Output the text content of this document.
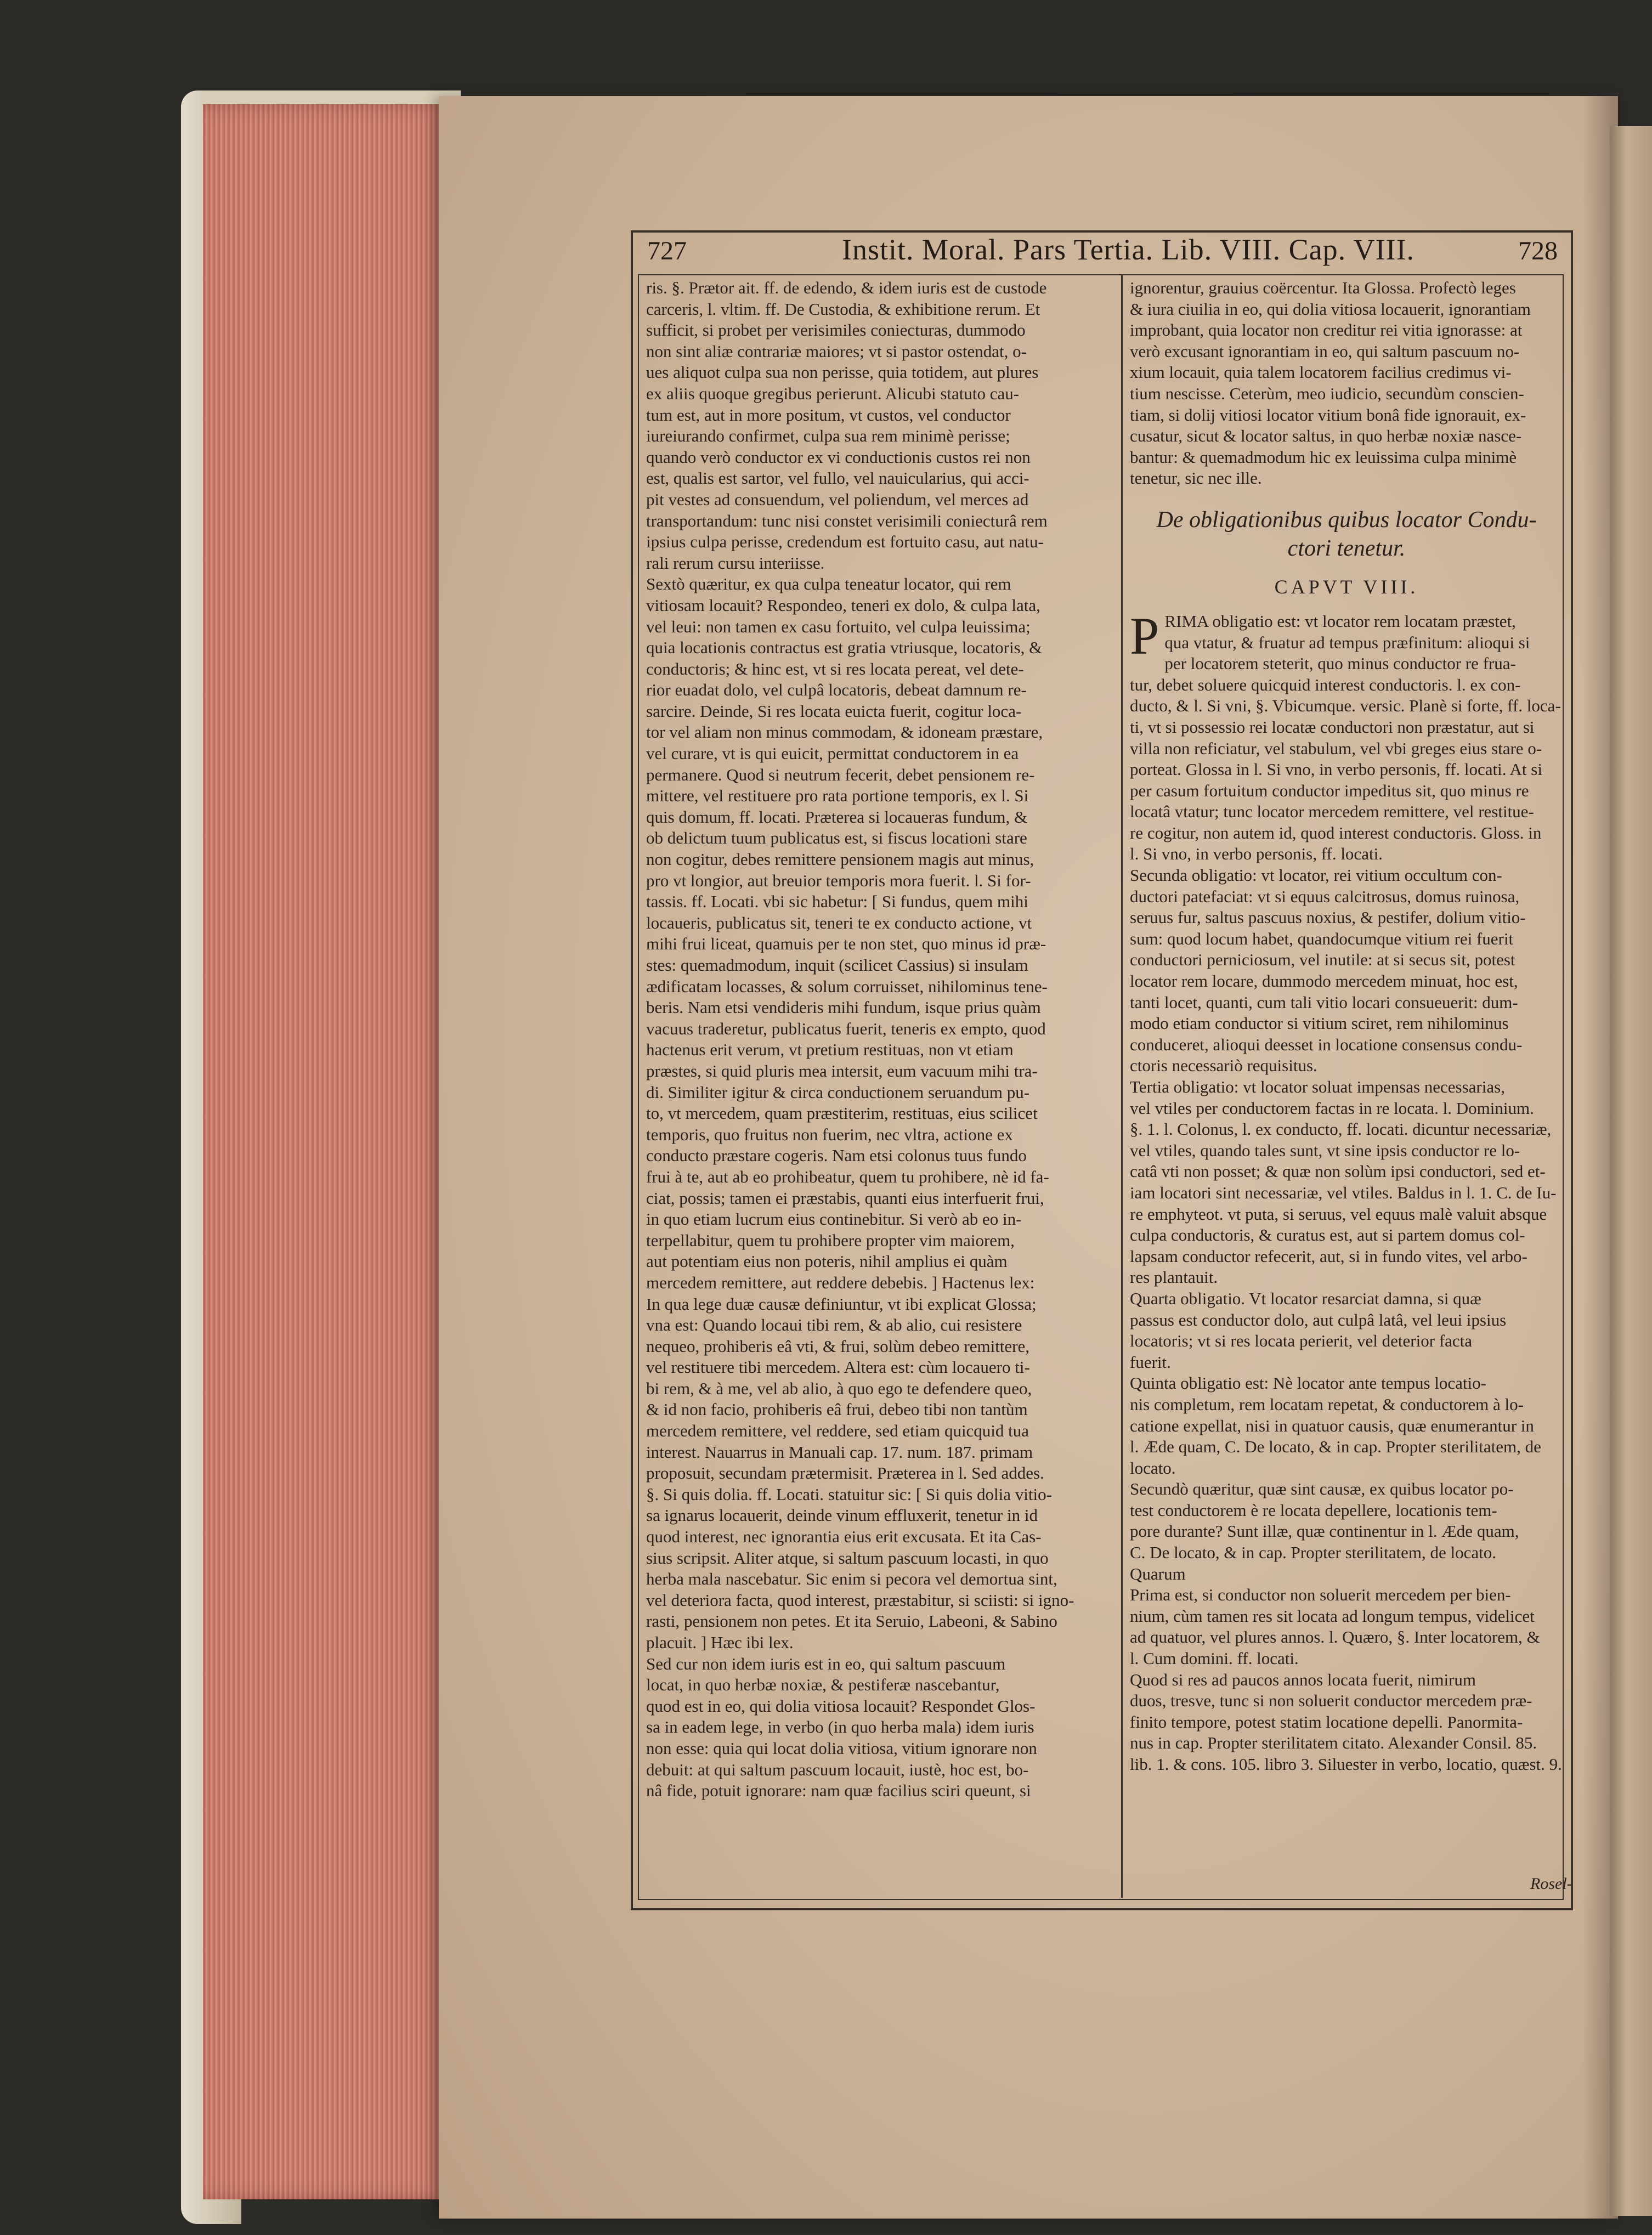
727	Instit. Moral. Pars Tertia. Lib. VIII. Cap. VIII.	728

ris. §. Prætor ait. ff. de edendo, & idem iuris est de custode

carceris, l. vltim. ff. De Custodia, & exhibitione rerum. Et

sufficit, si probet per verisimiles coniecturas, dummodo

non sint aliæ contrariæ maiores; vt si pastor ostendat, o-

ues aliquot culpa sua non perisse, quia totidem, aut plures

ex aliis quoque gregibus perierunt. Alicubi statuto cau-

tum est, aut in more positum, vt custos, vel conductor

iureiurando confirmet, culpa sua rem minimè perisse;

quando verò conductor ex vi conductionis custos rei non

est, qualis est sartor, vel fullo, vel nauicularius, qui acci-

pit vestes ad consuendum, vel poliendum, vel merces ad

transportandum: tunc nisi constet verisimili coniecturâ rem

ipsius culpa perisse, credendum est fortuito casu, aut natu-

rali rerum cursu interiisse.

Sextò quæritur, ex qua culpa teneatur locator, qui rem

vitiosam locauit? Respondeo, teneri ex dolo, & culpa lata,

vel leui: non tamen ex casu fortuito, vel culpa leuissima;

quia locationis contractus est gratia vtriusque, locatoris, &

conductoris; & hinc est, vt si res locata pereat, vel dete-

rior euadat dolo, vel culpâ locatoris, debeat damnum re-

sarcire. Deinde, Si res locata euicta fuerit, cogitur loca-

tor vel aliam non minus commodam, & idoneam præstare,

vel curare, vt is qui euicit, permittat conductorem in ea

permanere. Quod si neutrum fecerit, debet pensionem re-

mittere, vel restituere pro rata portione temporis, ex l. Si

quis domum, ff. locati. Præterea si locaueras fundum, &

ob delictum tuum publicatus est, si fiscus locationi stare

non cogitur, debes remittere pensionem magis aut minus,

pro vt longior, aut breuior temporis mora fuerit. l. Si for-

tassis. ff. Locati. vbi sic habetur: [ Si fundus, quem mihi

locaueris, publicatus sit, teneri te ex conducto actione, vt

mihi frui liceat, quamuis per te non stet, quo minus id præ-

stes: quemadmodum, inquit (scilicet Cassius) si insulam

ædificatam locasses, & solum corruisset, nihilominus tene-

beris. Nam etsi vendideris mihi fundum, isque prius quàm

vacuus traderetur, publicatus fuerit, teneris ex empto, quod

hactenus erit verum, vt pretium restituas, non vt etiam

præstes, si quid pluris mea intersit, eum vacuum mihi tra-

di. Similiter igitur & circa conductionem seruandum pu-

to, vt mercedem, quam præstiterim, restituas, eius scilicet

temporis, quo fruitus non fuerim, nec vltra, actione ex

conducto præstare cogeris. Nam etsi colonus tuus fundo

frui à te, aut ab eo prohibeatur, quem tu prohibere, nè id fa-

ciat, possis; tamen ei præstabis, quanti eius interfuerit frui,

in quo etiam lucrum eius continebitur. Si verò ab eo in-

terpellabitur, quem tu prohibere propter vim maiorem,

aut potentiam eius non poteris, nihil amplius ei quàm

mercedem remittere, aut reddere debebis. ] Hactenus lex:

In qua lege duæ causæ definiuntur, vt ibi explicat Glossa;

vna est: Quando locaui tibi rem, & ab alio, cui resistere

nequeo, prohiberis eâ vti, & frui, solùm debeo remittere,

vel restituere tibi mercedem. Altera est: cùm locauero ti-

bi rem, & à me, vel ab alio, à quo ego te defendere queo,

& id non facio, prohiberis eâ frui, debeo tibi non tantùm

mercedem remittere, vel reddere, sed etiam quicquid tua

interest. Nauarrus in Manuali cap. 17. num. 187. primam

proposuit, secundam prætermisit. Præterea in l. Sed addes.

§. Si quis dolia. ff. Locati. statuitur sic: [ Si quis dolia vitio-

sa ignarus locauerit, deinde vinum effluxerit, tenetur in id

quod interest, nec ignorantia eius erit excusata. Et ita Cas-

sius scripsit. Aliter atque, si saltum pascuum locasti, in quo

herba mala nascebatur. Sic enim si pecora vel demortua sint,

vel deteriora facta, quod interest, præstabitur, si sciisti: si igno-

rasti, pensionem non petes. Et ita Seruio, Labeoni, & Sabino

placuit. ] Hæc ibi lex.

Sed cur non idem iuris est in eo, qui saltum pascuum

locat, in quo herbæ noxiæ, & pestiferæ nascebantur,

quod est in eo, qui dolia vitiosa locauit? Respondet Glos-

sa in eadem lege, in verbo (in quo herba mala) idem iuris

non esse: quia qui locat dolia vitiosa, vitium ignorare non

debuit: at qui saltum pascuum locauit, iustè, hoc est, bo-

nâ fide, potuit ignorare: nam quæ facilius sciri queunt, si

ignorentur, grauius coërcentur. Ita Glossa. Profectò leges

& iura ciuilia in eo, qui dolia vitiosa locauerit, ignorantiam

improbant, quia locator non creditur rei vitia ignorasse: at

verò excusant ignorantiam in eo, qui saltum pascuum no-

xium locauit, quia talem locatorem facilius credimus vi-

tium nescisse. Ceterùm, meo iudicio, secundùm conscien-

tiam, si dolij vitiosi locator vitium bonâ fide ignorauit, ex-

cusatur, sicut & locator saltus, in quo herbæ noxiæ nasce-

bantur: & quemadmodum hic ex leuissima culpa minimè

tenetur, sic nec ille.

De obligationibus quibus locator Condu-

ctori tenetur.

CAPVT VIII.

P RIMA obligatio est: vt locator rem locatam præstet,

qua vtatur, & fruatur ad tempus præfinitum: alioqui si

per locatorem steterit, quo minus conductor re frua-

tur, debet soluere quicquid interest conductoris. l. ex con-

ducto, & l. Si vni, §. Vbicumque. versic. Planè si forte, ff. loca-

ti, vt si possessio rei locatæ conductori non præstatur, aut si

villa non reficiatur, vel stabulum, vel vbi greges eius stare o-

porteat. Glossa in l. Si vno, in verbo personis, ff. locati. At si

per casum fortuitum conductor impeditus sit, quo minus re

locatâ vtatur; tunc locator mercedem remittere, vel restitue-

re cogitur, non autem id, quod interest conductoris. Gloss. in

l. Si vno, in verbo personis, ff. locati.

Secunda obligatio: vt locator, rei vitium occultum con-

ductori patefaciat: vt si equus calcitrosus, domus ruinosa,

seruus fur, saltus pascuus noxius, & pestifer, dolium vitio-

sum: quod locum habet, quandocumque vitium rei fuerit

conductori perniciosum, vel inutile: at si secus sit, potest

locator rem locare, dummodo mercedem minuat, hoc est,

tanti locet, quanti, cum tali vitio locari consueuerit: dum-

modo etiam conductor si vitium sciret, rem nihilominus

conduceret, alioqui deesset in locatione consensus condu-

ctoris necessariò requisitus.

Tertia obligatio: vt locator soluat impensas necessarias,

vel vtiles per conductorem factas in re locata. l. Dominium.

§. 1. l. Colonus, l. ex conducto, ff. locati. dicuntur necessariæ,

vel vtiles, quando tales sunt, vt sine ipsis conductor re lo-

catâ vti non posset; & quæ non solùm ipsi conductori, sed et-

iam locatori sint necessariæ, vel vtiles. Baldus in l. 1. C. de Iu-

re emphyteot. vt puta, si seruus, vel equus malè valuit absque

culpa conductoris, & curatus est, aut si partem domus col-

lapsam conductor refecerit, aut, si in fundo vites, vel arbo-

res plantauit.

Quarta obligatio. Vt locator resarciat damna, si quæ

passus est conductor dolo, aut culpâ latâ, vel leui ipsius

locatoris; vt si res locata perierit, vel deterior facta

fuerit.

Quinta obligatio est: Nè locator ante tempus locatio-

nis completum, rem locatam repetat, & conductorem à lo-

catione expellat, nisi in quatuor causis, quæ enumerantur in

l. Æde quam, C. De locato, & in cap. Propter sterilitatem, de

locato.

Secundò quæritur, quæ sint causæ, ex quibus locator po-

test conductorem è re locata depellere, locationis tem-

pore durante? Sunt illæ, quæ continentur in l. Æde quam,

C. De locato, & in cap. Propter sterilitatem, de locato.

Quarum

Prima est, si conductor non soluerit mercedem per bien-

nium, cùm tamen res sit locata ad longum tempus, videlicet

ad quatuor, vel plures annos. l. Quæro, §. Inter locatorem, &

l. Cum domini. ff. locati.

Quod si res ad paucos annos locata fuerit, nimirum

duos, tresve, tunc si non soluerit conductor mercedem præ-

finito tempore, potest statim locatione depelli. Panormita-

nus in cap. Propter sterilitatem citato. Alexander Consil. 85.

lib. 1. & cons. 105. libro 3. Siluester in verbo, locatio, quæst. 9.

Rosel-
